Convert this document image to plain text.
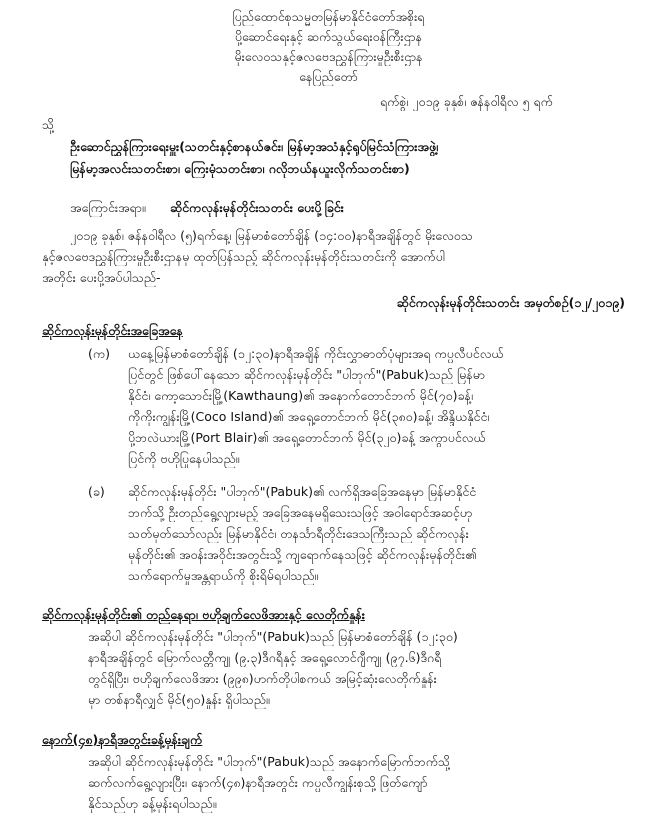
ပြည်ထောင်စုသမ္မတမြန်မာနိုင်ငံတော်အစိုးရ
ပို့ဆောင်ရေးနှင့် ဆက်သွယ်ရေးဝန်ကြီးဌာန
မိုးလေဝသနှင့်ဇလဗေဒညွှန်ကြားမှုဦးစီးဌာန
နေပြည်တော်
ရက်စွဲ၊ ၂၀၁၉ ခုနှစ်၊ ဇန်နဝါရီလ ၅ ရက်
သို့
ဦးဆောင်ညွှန်ကြားရေးမှူး(သတင်းနှင့်စာနယ်ဇင်း၊ မြန်မာ့အသံနှင့်ရုပ်မြင်သံကြားအဖွဲ့၊
မြန်မာ့အလင်းသတင်းစာ၊ ကြေးမုံသတင်းစာ၊ ဂလိုဘယ်နယူးလိုက်သတင်းစာ)
အကြောင်းအရာ။ ဆိုင်ကလုန်းမုန်တိုင်းသတင်း ပေးပို့ခြင်း
၂၀၁၉ ခုနှစ်၊ ဇန်နဝါရီလ (၅)ရက်နေ့၊ မြန်မာစံတော်ချိန် (၁၄:၀၀)နာရီအချိန်တွင် မိုးလေဝသ
နှင့်ဇလဗေဒညွှန်ကြားမှုဦးစီးဌာနမှ ထုတ်ပြန်သည့် ဆိုင်ကလုန်းမုန်တိုင်းသတင်းကို အောက်ပါ
အတိုင်း ပေးပို့အပ်ပါသည်-
ဆိုင်ကလုန်းမုန်တိုင်းသတင်း အမှတ်စဉ်(၁၂/၂၀၁၉)
ဆိုင်ကလုန်းမုန်တိုင်းအခြေအနေ
(က) ယနေ့မြန်မာစံတော်ချိန် (၁၂:၃၀)နာရီအချိန် ကိုင်းလွှာဓာတ်ပုံများအရ ကပ္ပလီပင်လယ်
ပြင်တွင် ဖြစ်ပေါ်နေသော ဆိုင်ကလုန်းမုန်တိုင်း "ပါဘုက်"(Pabuk)သည် မြန်မာ
နိုင်ငံ၊ ကော့သောင်းမြို့(Kawthaung)၏ အနောက်တောင်ဘက် မိုင်(၇၀)ခန့်၊
ကိုကိုးကျွန်းမြို့(Coco Island)၏ အရှေ့တောင်ဘက် မိုင်(၃၈၀)ခန့်၊ အိန္ဒိယနိုင်ငံ၊
ပို့ဘလဲယားမြို့(Port Blair)၏ အရှေ့တောင်ဘက် မိုင်(၃၂၀)ခန့် အကွာပင်လယ်
ပြင်ကို ဗဟိုပြုနေပါသည်။
(ခ) ဆိုင်ကလုန်းမုန်တိုင်း "ပါဘုက်"(Pabuk)၏ လက်ရှိအခြေအနေမှာ မြန်မာနိုင်ငံ
ဘက်သို့ ဦးတည်ရွေ့လျားမည့် အခြေအနေမရှိသေးသဖြင့် အဝါရောင်အဆင့်ဟု
သတ်မှတ်သော်လည်း မြန်မာနိုင်ငံ၊ တနင်္သာရီတိုင်းဒေသကြီးသည် ဆိုင်ကလုန်း
မုန်တိုင်း၏ အဝန်းအဝိုင်းအတွင်းသို့ ကျရောက်နေသဖြင့် ဆိုင်ကလုန်းမုန်တိုင်း၏
သက်ရောက်မှုအန္တရာယ်ကို စိုးရိမ်ရပါသည်။
ဆိုင်ကလုန်းမုန်တိုင်း၏ တည်နေရာ၊ ဗဟိုချက်လေဖိအားနှင့် လေတိုက်နှုန်း
အဆိုပါ ဆိုင်ကလုန်းမုန်တိုင်း "ပါဘုက်"(Pabuk)သည် မြန်မာစံတော်ချိန် (၁၂:၃၀)
နာရီအချိန်တွင် မြောက်လတ္တီကျု (၉.၃)ဒီဂရီနှင့် အရှေ့လောင်ဂျီကျု (၉၇.၆)ဒီဂရီ
တွင်ရှိပြီး၊ ဗဟိုချက်လေဖိအား (၉၉၈)ဟက်တိုပါစကယ် အမြင့်ဆုံးလေတိုက်နှုန်း
မှာ တစ်နာရီလျှင် မိုင်(၅၀)နှုန်း ရှိပါသည်။
နောက်(၄၈)နာရီအတွင်းခန့်မှန်းချက်
အဆိုပါ ဆိုင်ကလုန်းမုန်တိုင်း "ပါဘုက်"(Pabuk)သည် အနောက်မြောက်ဘက်သို့
ဆက်လက်ရွေ့လျားပြီး၊ နောက်(၄၈)နာရီအတွင်း ကပ္ပလီကျွန်းစုသို့ ဖြတ်ကျော်
နိုင်သည်ဟု ခန့်မှန်းရပါသည်။
